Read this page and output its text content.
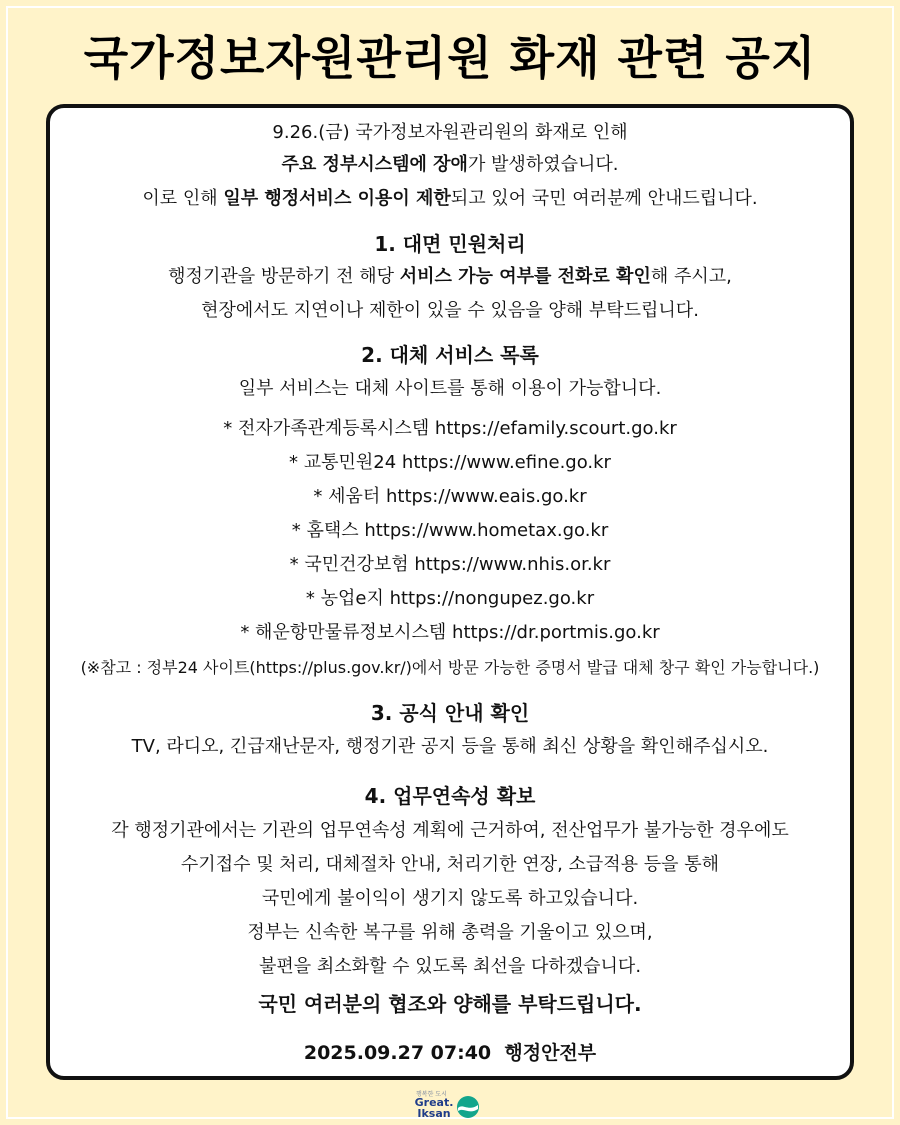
국가정보자원관리원 화재 관련 공지
9.26.(금) 국가정보자원관리원의 화재로 인해
주요 정부시스템에 장애가 발생하였습니다.
이로 인해 일부 행정서비스 이용이 제한되고 있어 국민 여러분께 안내드립니다.
1. 대면 민원처리
행정기관을 방문하기 전 해당 서비스 가능 여부를 전화로 확인해 주시고,
현장에서도 지연이나 제한이 있을 수 있음을 양해 부탁드립니다.
2. 대체 서비스 목록
일부 서비스는 대체 사이트를 통해 이용이 가능합니다.
* 전자가족관계등록시스템 https://efamily.scourt.go.kr
* 교통민원24 https://www.efine.go.kr
* 세움터 https://www.eais.go.kr
* 홈택스 https://www.hometax.go.kr
* 국민건강보험 https://www.nhis.or.kr
* 농업e지 https://nongupez.go.kr
* 해운항만물류정보시스템 https://dr.portmis.go.kr
(※참고 : 정부24 사이트(https://plus.gov.kr/)에서 방문 가능한 증명서 발급 대체 창구 확인 가능합니다.)
3. 공식 안내 확인
TV, 라디오, 긴급재난문자, 행정기관 공지 등을 통해 최신 상황을 확인해주십시오.
4. 업무연속성 확보
각 행정기관에서는 기관의 업무연속성 계획에 근거하여, 전산업무가 불가능한 경우에도
수기접수 및 처리, 대체절차 안내, 처리기한 연장, 소급적용 등을 통해
국민에게 불이익이 생기지 않도록 하고있습니다.
정부는 신속한 복구를 위해 총력을 기울이고 있으며,
불편을 최소화할 수 있도록 최선을 다하겠습니다.
국민 여러분의 협조와 양해를 부탁드립니다.
2025.09.27 07:40 행정안전부
행복한 도시
Great.
Iksan
